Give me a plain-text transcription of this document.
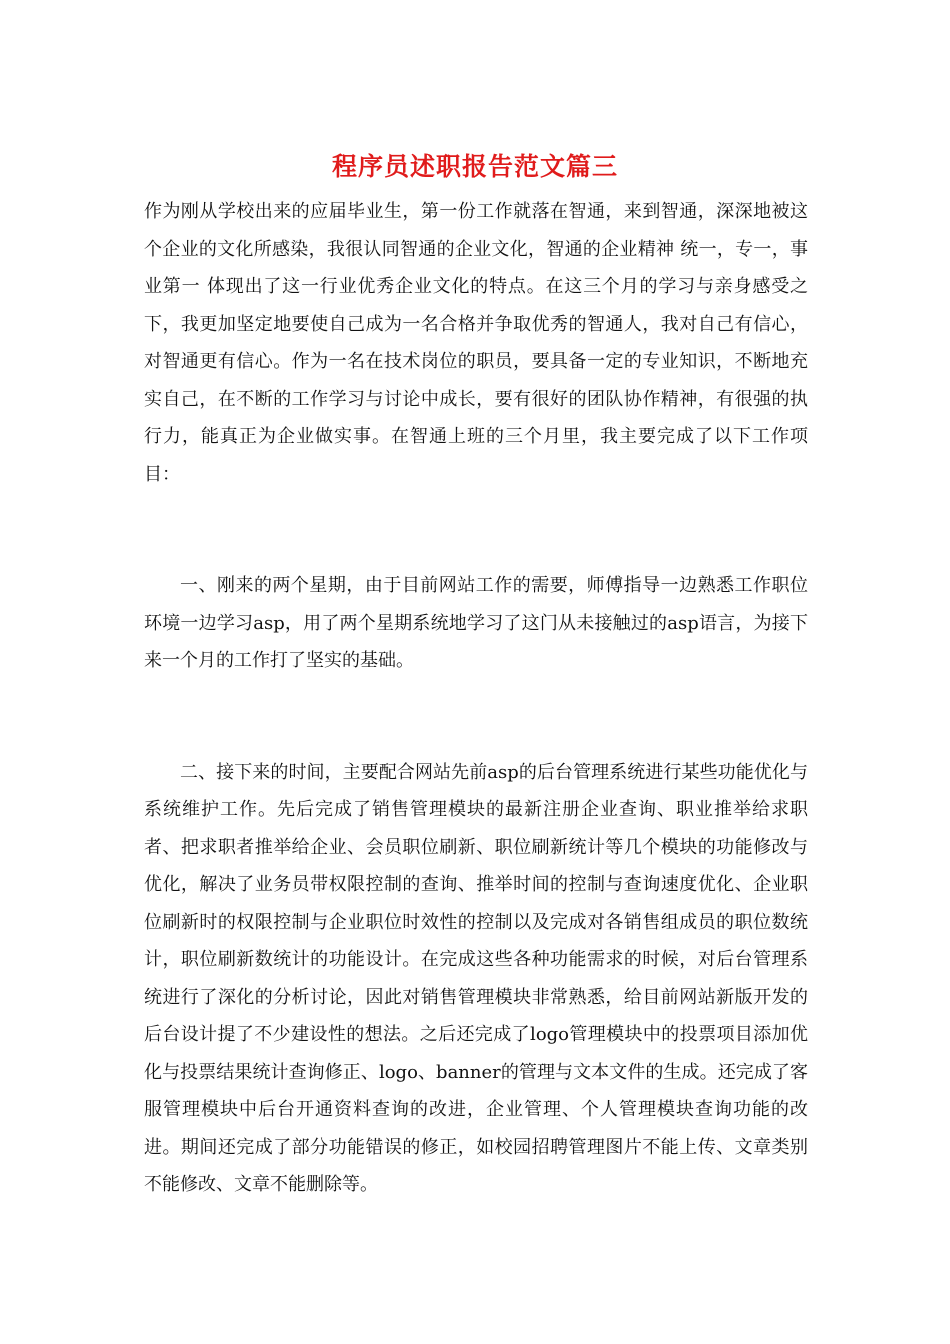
程序员述职报告范文篇三

作为刚从学校出来的应届毕业生，第一份工作就落在智通，来到智通，深深地被这个企业的文化所感染，我很认同智通的企业文化，智通的企业精神 统一，专一，事业第一 体现出了这一行业优秀企业文化的特点。在这三个月的学习与亲身感受之下，我更加坚定地要使自己成为一名合格并争取优秀的智通人，我对自己有信心，对智通更有信心。作为一名在技术岗位的职员，要具备一定的专业知识，不断地充实自己，在不断的工作学习与讨论中成长，要有很好的团队协作精神，有很强的执行力，能真正为企业做实事。在智通上班的三个月里，我主要完成了以下工作项目：

一、刚来的两个星期，由于目前网站工作的需要，师傅指导一边熟悉工作职位环境一边学习asp，用了两个星期系统地学习了这门从未接触过的asp语言，为接下来一个月的工作打了坚实的基础。

二、接下来的时间，主要配合网站先前asp的后台管理系统进行某些功能优化与系统维护工作。先后完成了销售管理模块的最新注册企业查询、职业推举给求职者、把求职者推举给企业、会员职位刷新、职位刷新统计等几个模块的功能修改与优化，解决了业务员带权限控制的查询、推举时间的控制与查询速度优化、企业职位刷新时的权限控制与企业职位时效性的控制以及完成对各销售组成员的职位数统计，职位刷新数统计的功能设计。在完成这些各种功能需求的时候，对后台管理系统进行了深化的分析讨论，因此对销售管理模块非常熟悉，给目前网站新版开发的后台设计提了不少建设性的想法。之后还完成了logo管理模块中的投票项目添加优化与投票结果统计查询修正、logo、banner的管理与文本文件的生成。还完成了客服管理模块中后台开通资料查询的改进，企业管理、个人管理模块查询功能的改进。期间还完成了部分功能错误的修正，如校园招聘管理图片不能上传、文章类别不能修改、文章不能删除等。
